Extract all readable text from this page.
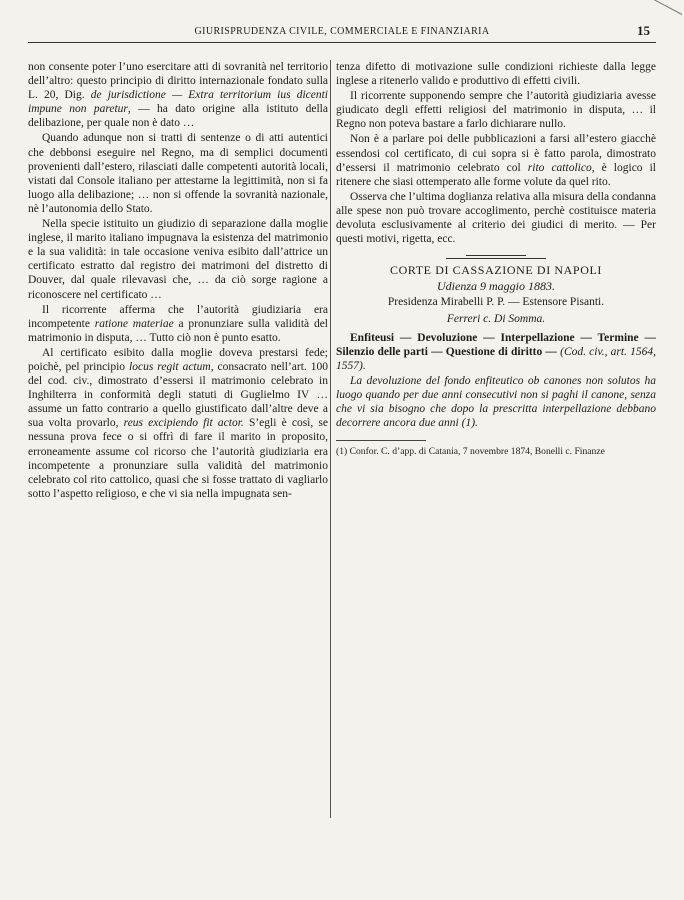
GIURISPRUDENZA CIVILE, COMMERCIALE E FINANZIARIA	15

non consente poter l’uno esercitare atti di sovranità nel territorio dell’altro: questo principio di diritto internazionale fondato sulla L. 20, Dig. de jurisdictione — Extra territorium ius dicenti impune non paretur, — ha dato origine alla istituto della delibazione, per quale non è dato …

Quando adunque non si tratti di sentenze o di atti autentici che debbonsi eseguire nel Regno, ma di semplici documenti provenienti dall’estero, rilasciati dalle competenti autorità locali, vistati dal Console italiano per attestarne la legittimità, non si fa luogo alla delibazione; … non si offende la sovranità nazionale, nè l’autonomia dello Stato.

Nella specie istituito un giudizio di separazione dalla moglie inglese, il marito italiano impugnava la esistenza del matrimonio e la sua validità: in tale occasione veniva esibito dall’attrice un certificato estratto dal registro dei matrimoni del distretto di Douver, dal quale rilevavasi che, … da ciò sorge ragione a riconoscere nel certificato …

Il ricorrente afferma che l’autorità giudiziaria era incompetente ratione materiae a pronunziare sulla validità del matrimonio in disputa, … Tutto ciò non è punto esatto.

Al certificato esibito dalla moglie doveva prestarsi fede; poichè, pel principio locus regit actum, consacrato nell’art. 100 del cod. civ., dimostrato d’essersi il matrimonio celebrato in Inghilterra in conformità degli statuti di Guglielmo IV … assume un fatto contrario a quello giustificato dall’altre deve a sua volta provarlo, reus excipiendo fit actor. S’egli è così, se nessuna prova fece o si offrì di fare il marito in proposito, erroneamente assume col ricorso che l’autorità giudiziaria era incompetente a pronunziare sulla validità del matrimonio celebrato col rito cattolico, quasi che si fosse trattato di vagliarlo sotto l’aspetto religioso, e che vi sia nella impugnata sen-

tenza difetto di motivazione sulle condizioni richieste dalla legge inglese a ritenerlo valido e produttivo di effetti civili.

Il ricorrente supponendo sempre che l’autorità giudiziaria avesse giudicato degli effetti religiosi del matrimonio in disputa, … il Regno non poteva bastare a farlo dichiarare nullo.

Non è a parlare poi delle pubblicazioni a farsi all’estero giacchè essendosi col certificato, di cui sopra si è fatto parola, dimostrato d’essersi il matrimonio celebrato col rito cattolico, è logico il ritenere che siasi ottemperato alle forme volute da quel rito.

Osserva che l’ultima doglianza relativa alla misura della condanna alle spese non può trovare accoglimento, perchè costituisce materia devoluta esclusivamente al criterio dei giudici di merito. — Per questi motivi, rigetta, ecc.

CORTE DI CASSAZIONE DI NAPOLI
Udienza 9 maggio 1883.
Presidenza Mirabelli P. P. — Estensore Pisanti.
Ferreri c. Di Somma.

Enfiteusi — Devoluzione — Interpellazione — Termine — Silenzio delle parti — Questione di diritto — (Cod. civ., art. 1564, 1557).

La devoluzione del fondo enfiteutico ob canones non solutos ha luogo quando per due anni consecutivi non si paghi il canone, senza che vi sia bisogno che dopo la prescritta interpellazione debbano decorrere ancora due anni (1).

(1) Confor. C. d’app. di Catania, 7 novembre 1874, Bonelli c. Finanze
